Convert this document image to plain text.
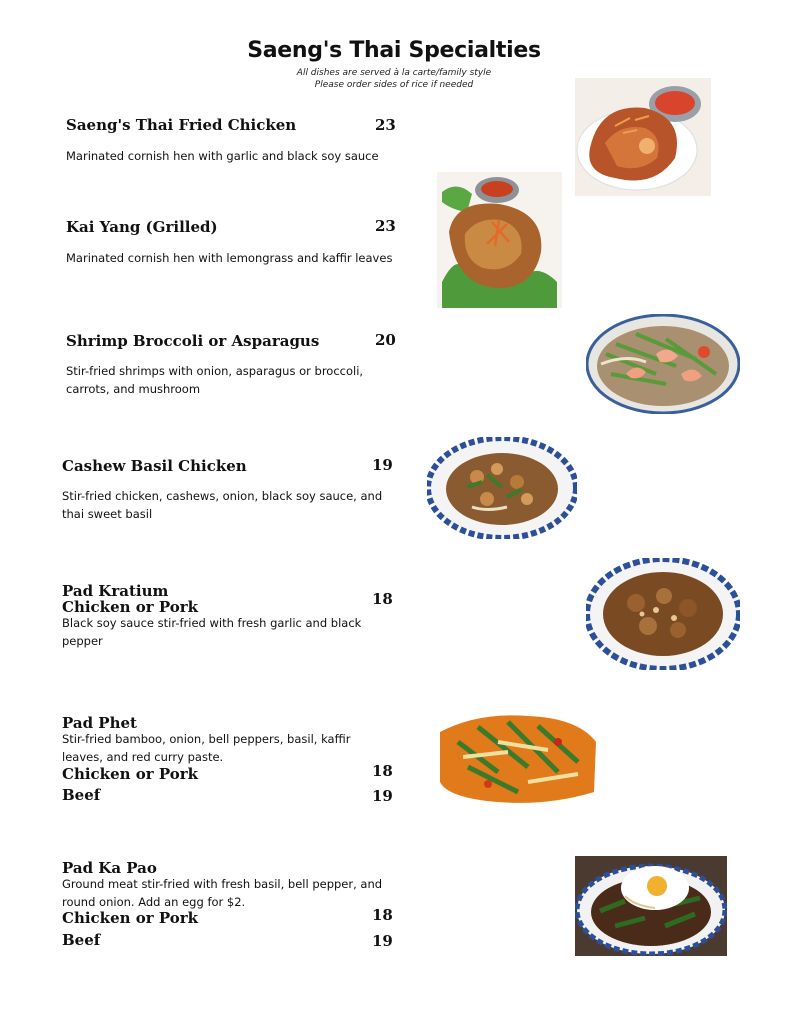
Saeng's Thai Specialties
All dishes are served à la carte/family style
Please order sides of rice if needed
Saeng's Thai Fried Chicken	23
Marinated cornish hen with garlic and black soy sauce
Kai Yang (Grilled)	23
Marinated cornish hen with lemongrass and kaffir leaves
Shrimp Broccoli or Asparagus	20
Stir-fried shrimps with onion, asparagus or broccoli, carrots, and mushroom
Cashew Basil Chicken	19
Stir-fried chicken, cashews, onion, black soy sauce, and thai sweet basil
Pad Kratium
Chicken or Pork	18
Black soy sauce stir-fried with fresh garlic and black pepper
Pad Phet
Stir-fried bamboo, onion, bell peppers, basil, kaffir leaves, and red curry paste.
Chicken or Pork	18
Beef	19
Pad Ka Pao
Ground meat stir-fried with fresh basil, bell pepper, and round onion. Add an egg for $2.
Chicken or Pork	18
Beef	19
